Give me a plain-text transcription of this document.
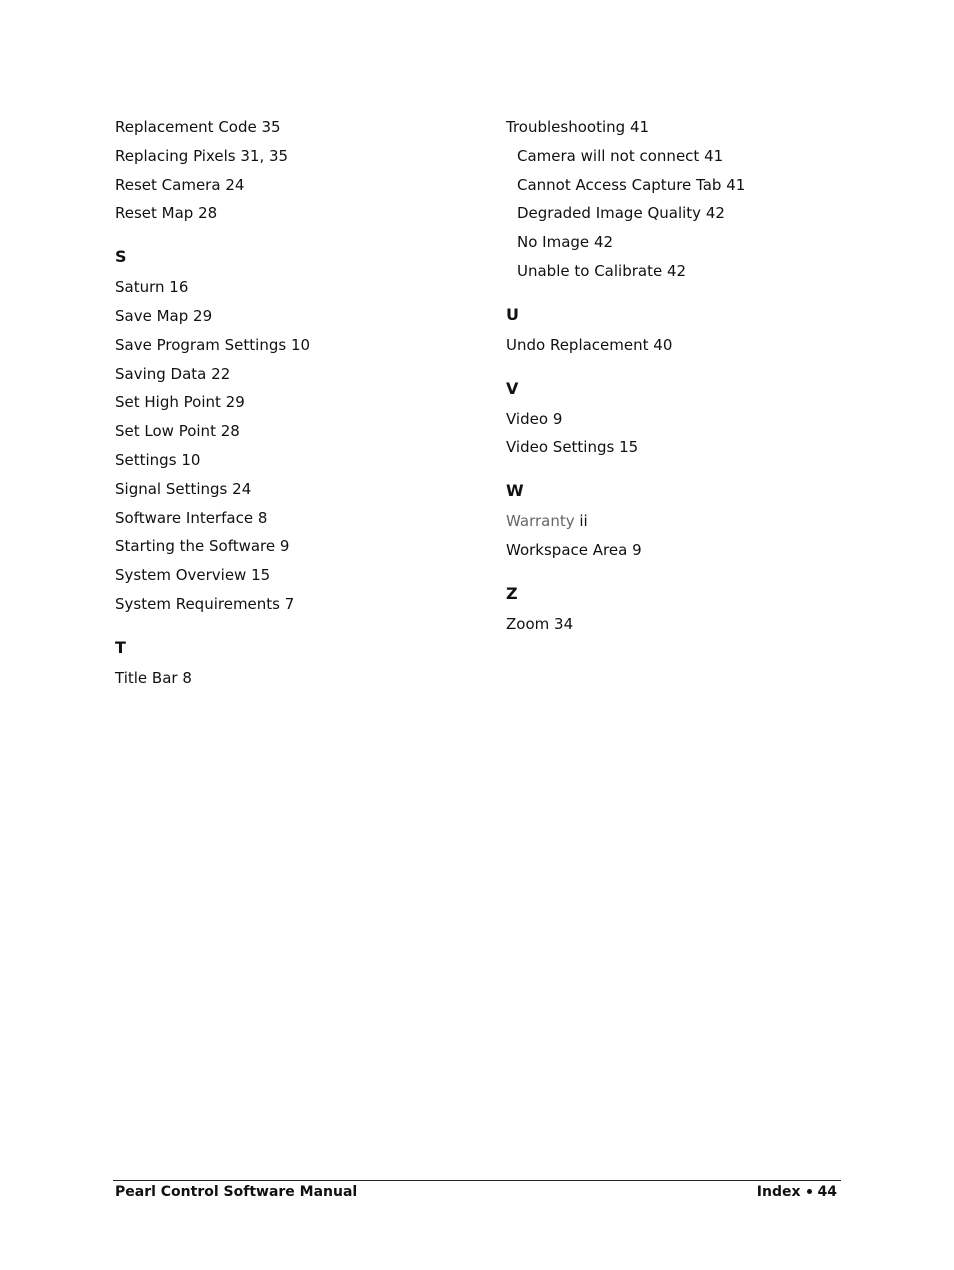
Replacement Code 35
Replacing Pixels 31, 35
Reset Camera 24
Reset Map 28
S
Saturn 16
Save Map 29
Save Program Settings 10
Saving Data 22
Set High Point 29
Set Low Point 28
Settings 10
Signal Settings 24
Software Interface 8
Starting the Software 9
System Overview 15
System Requirements 7
T
Title Bar 8
Troubleshooting 41
Camera will not connect 41
Cannot Access Capture Tab 41
Degraded Image Quality 42
No Image 42
Unable to Calibrate 42
U
Undo Replacement 40
V
Video 9
Video Settings 15
W
Warranty ii
Workspace Area 9
Z
Zoom 34
Pearl Control Software Manual	Index 44
